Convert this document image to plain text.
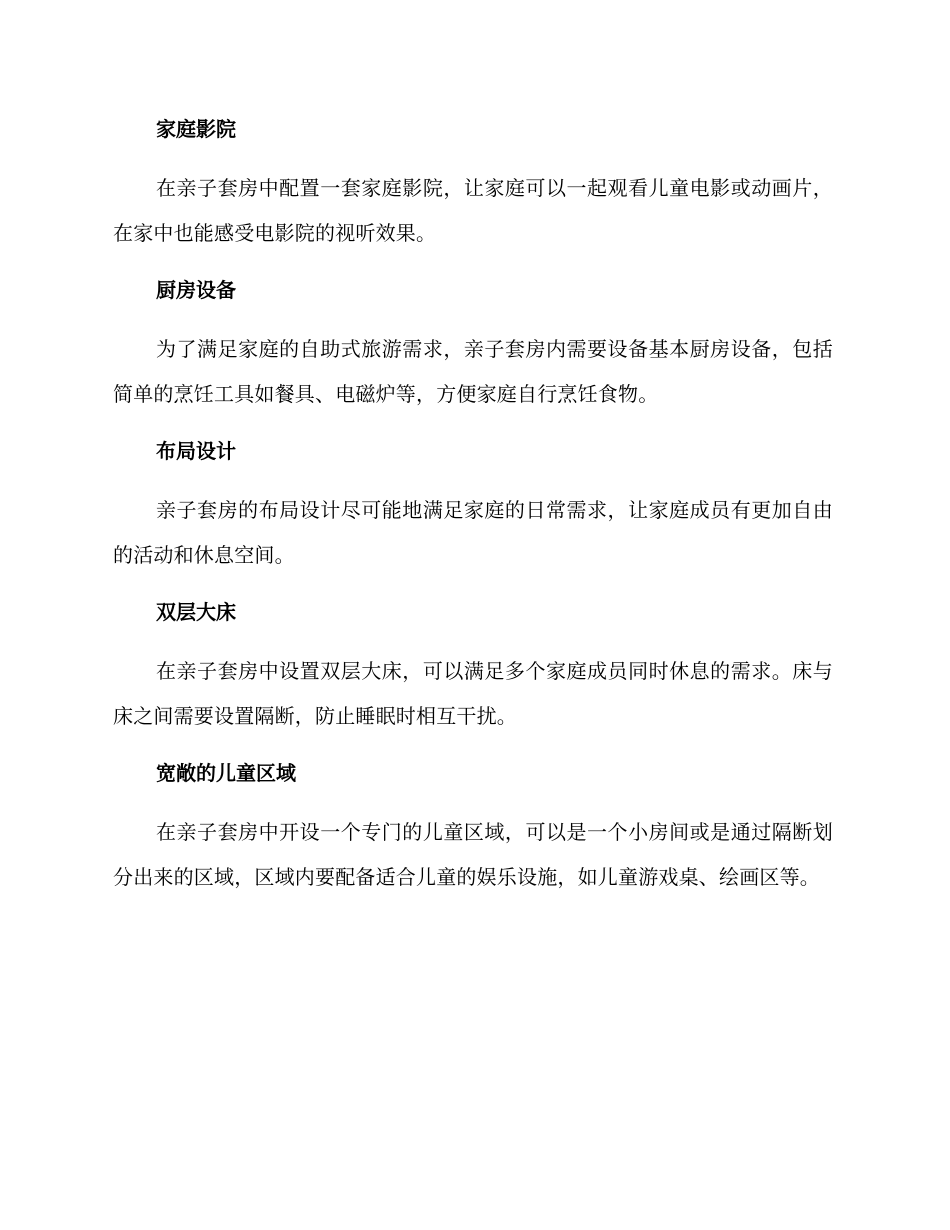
家庭影院
在亲子套房中配置一套家庭影院，让家庭可以一起观看儿童电影或动画片，在家中也能感受电影院的视听效果。
厨房设备
为了满足家庭的自助式旅游需求，亲子套房内需要设备基本厨房设备，包括简单的烹饪工具如餐具、电磁炉等，方便家庭自行烹饪食物。
布局设计
亲子套房的布局设计尽可能地满足家庭的日常需求，让家庭成员有更加自由的活动和休息空间。
双层大床
在亲子套房中设置双层大床，可以满足多个家庭成员同时休息的需求。床与床之间需要设置隔断，防止睡眠时相互干扰。
宽敞的儿童区域
在亲子套房中开设一个专门的儿童区域，可以是一个小房间或是通过隔断划分出来的区域，区域内要配备适合儿童的娱乐设施，如儿童游戏桌、绘画区等。
